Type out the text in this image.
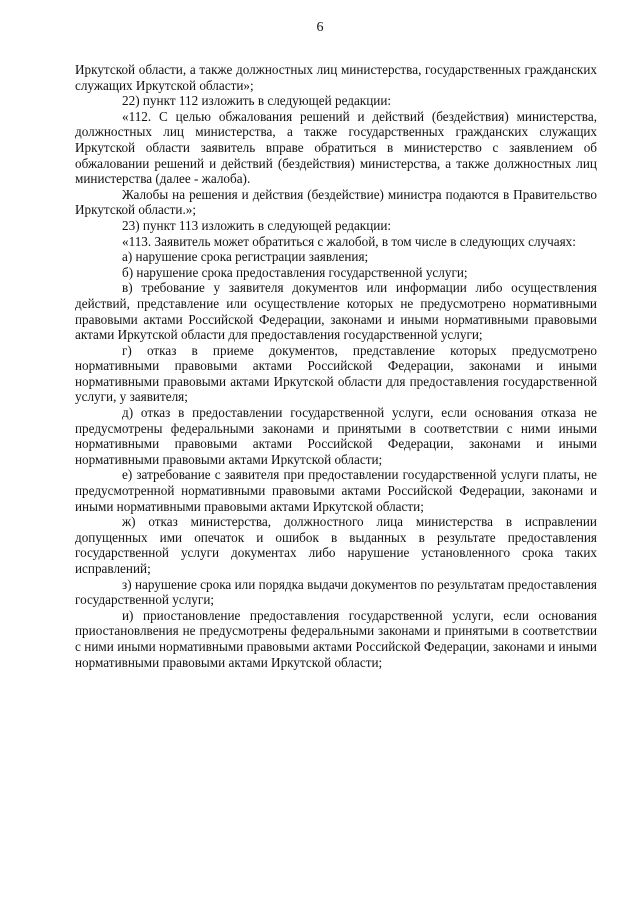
6

Иркутской области, а также должностных лиц министерства, государственных гражданских служащих Иркутской области»;

22) пункт 112 изложить в следующей редакции:

«112. С целью обжалования решений и действий (бездействия) министерства, должностных лиц министерства, а также государственных гражданских служащих Иркутской области заявитель вправе обратиться в министерство с заявлением об обжаловании решений и действий (бездействия) министерства, а также должностных лиц министерства (далее - жалоба).

Жалобы на решения и действия (бездействие) министра подаются в Правительство Иркутской области.»;

23) пункт 113 изложить в следующей редакции:

«113. Заявитель может обратиться с жалобой, в том числе в следующих случаях:

а) нарушение срока регистрации заявления;

б) нарушение срока предоставления государственной услуги;

в) требование у заявителя документов или информации либо осуществления действий, представление или осуществление которых не предусмотрено нормативными правовыми актами Российской Федерации, законами и иными нормативными правовыми актами Иркутской области для предоставления государственной услуги;

г) отказ в приеме документов, представление которых предусмотрено нормативными правовыми актами Российской Федерации, законами и иными нормативными правовыми актами Иркутской области для предоставления государственной услуги, у заявителя;

д) отказ в предоставлении государственной услуги, если основания отказа не предусмотрены федеральными законами и принятыми в соответствии с ними иными нормативными правовыми актами Российской Федерации, законами и иными нормативными правовыми актами Иркутской области;

е) затребование с заявителя при предоставлении государственной услуги платы, не предусмотренной нормативными правовыми актами Российской Федерации, законами и иными нормативными правовыми актами Иркутской области;

ж) отказ министерства, должностного лица министерства в исправлении допущенных ими опечаток и ошибок в выданных в результате предоставления государственной услуги документах либо нарушение установленного срока таких исправлений;

з) нарушение срока или порядка выдачи документов по результатам предоставления государственной услуги;

и) приостановление предоставления государственной услуги, если основания приостановлвения не предусмотрены федеральными законами и принятыми в соответствии с ними иными нормативными правовыми актами Российской Федерации, законами и иными нормативными правовыми актами Иркутской области;
